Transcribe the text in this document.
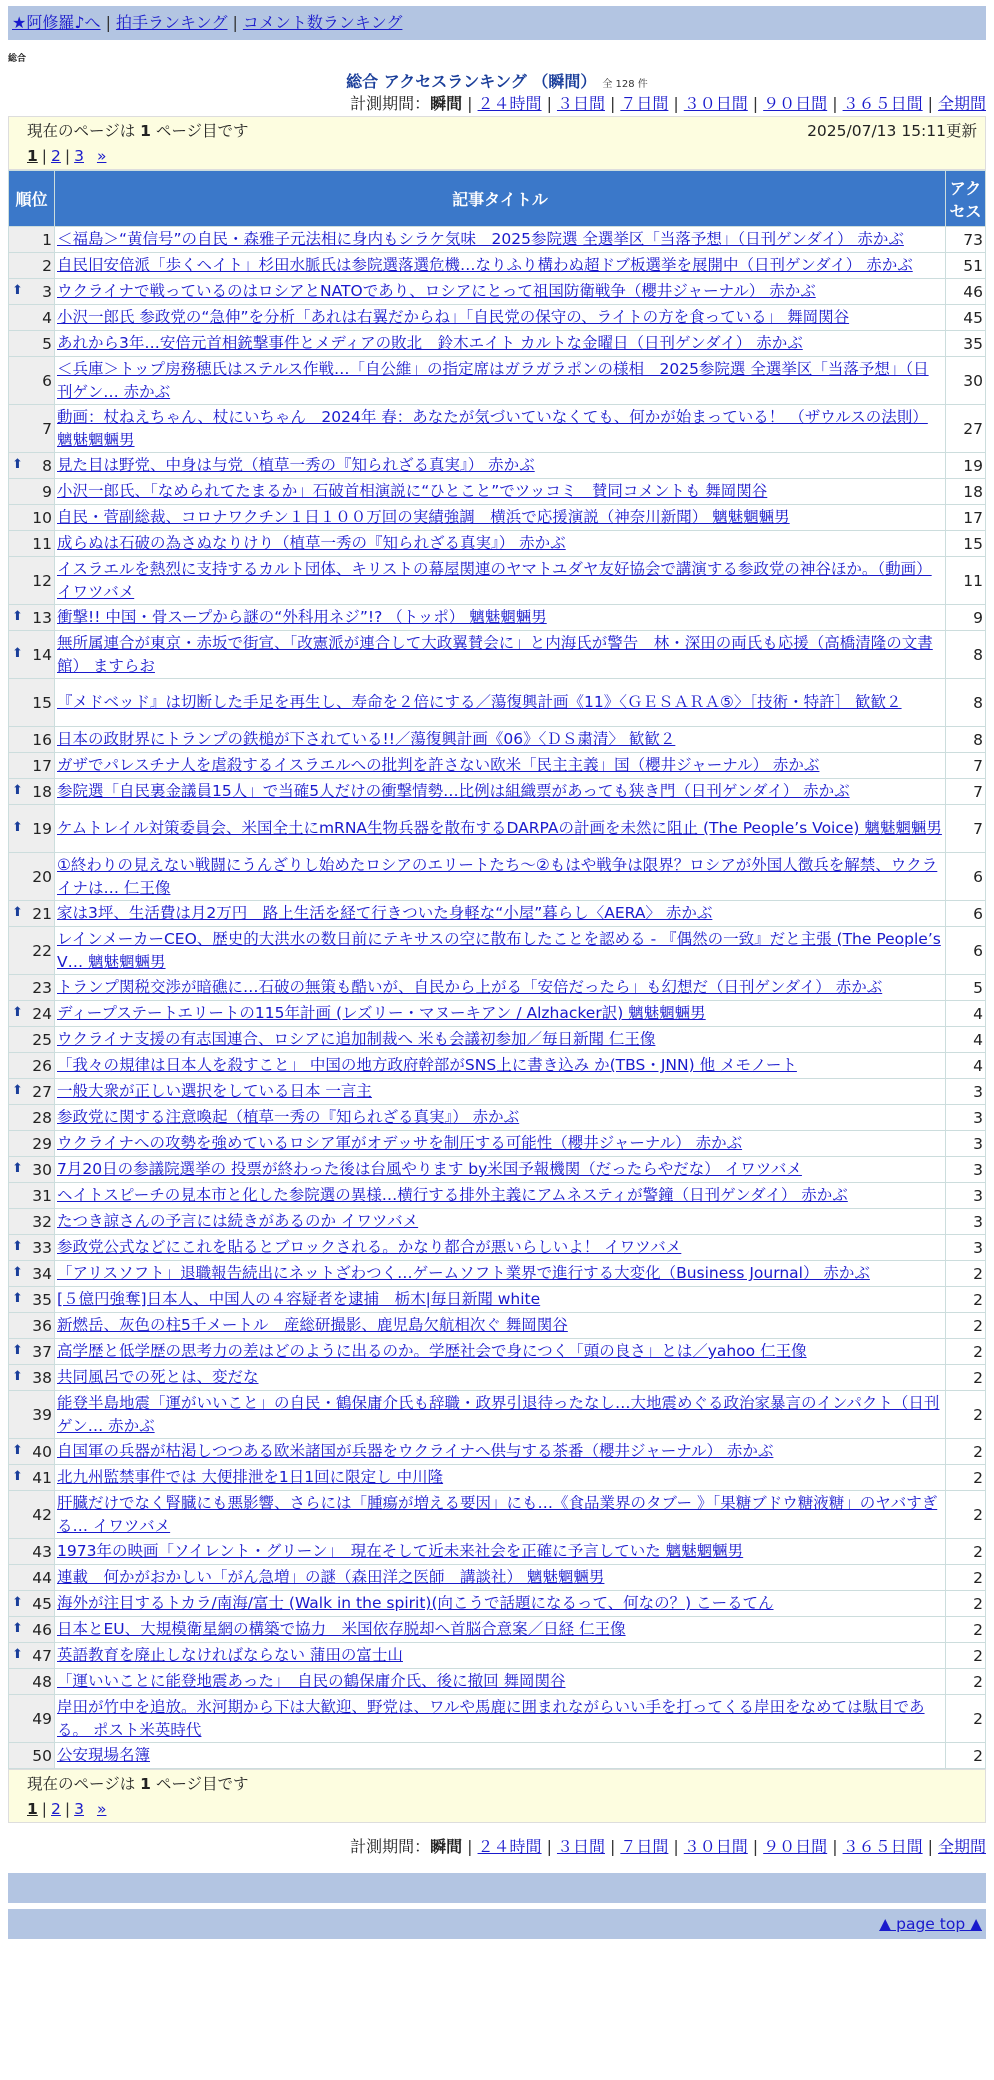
★阿修羅♪へ | 拍手ランキング | コメント数ランキング
総合
総合 アクセスランキング （瞬間） 全 128 件
計測期間：瞬間 | ２４時間 | ３日間 | ７日間 | ３０日間 | ９０日間 | ３６５日間 | 全期間
現在のページは 1 ページ目です	2025/07/13 15:11更新
1 | 2 | 3 »
順位	記事タイトル	アクセス
1	＜福島＞“黄信号”の自民・森雅子元法相に身内もシラケ気味　2025参院選 全選挙区「当落予想」（日刊ゲンダイ） 赤かぶ	73
2	自民旧安倍派「歩くヘイト」杉田水脈氏は参院選落選危機…なりふり構わぬ超ドブ板選挙を展開中（日刊ゲンダイ） 赤かぶ	51

⬆ 3	ウクライナで戦っているのはロシアとNATOであり、ロシアにとって祖国防衛戦争（櫻井ジャーナル） 赤かぶ	46
4	小沢一郎氏 参政党の“急伸”を分析「あれは右翼だからね」「自民党の保守の、ライトの方を食っている」 舞岡関谷	45
5	あれから3年…安倍元首相銃撃事件とメディアの敗北　鈴木エイト カルトな金曜日（日刊ゲンダイ） 赤かぶ	35
6	＜兵庫＞トップ房務穂氏はステルス作戦…「自公維」の指定席はガラガラポンの様相　2025参院選 全選挙区「当落予想」（日刊ゲン… 赤かぶ	30
7	動画：杖ねえちゃん、杖にいちゃん　2024年 春：あなたが気づいていなくても、何かが始まっている！ （ザウルスの法則） 魑魅魍魎男	27

⬆ 8	見た目は野党、中身は与党（植草一秀の『知られざる真実』） 赤かぶ	19
9	小沢一郎氏、「なめられてたまるか」石破首相演説に“ひとこと”でツッコミ　賛同コメントも 舞岡関谷	18
10	自民・菅副総裁、コロナワクチン１日１００万回の実績強調　横浜で応援演説（神奈川新聞） 魑魅魍魎男	17
11	成らぬは石破の為さぬなりけり（植草一秀の『知られざる真実』） 赤かぶ	15
12	イスラエルを熱烈に支持するカルト団体、キリストの幕屋関連のヤマトユダヤ友好協会で講演する参政党の神谷ほか。（動画） イワツバメ	11

⬆ 13	衝撃!! 中国・骨スープから謎の“外科用ネジ”!? （トッポ） 魑魅魍魎男	9

⬆ 14	無所属連合が東京・赤坂で街宣、「改憲派が連合して大政翼賛会に」と内海氏が警告　林・深田の両氏も応援（高橋清隆の文書館） ますらお	8
15	『メドベッド』は切断した手足を再生し、寿命を２倍にする／蕩復興計画《11》〈ＧＥＳＡＲＡ⑤〉［技術・特許］ 歓歓２	8
16	日本の政財界にトランプの鉄槌が下されている!!／蕩復興計画《06》〈ＤＳ粛清〉 歓歓２	8
17	ガザでパレスチナ人を虐殺するイスラエルへの批判を許さない欧米「民主主義」国（櫻井ジャーナル） 赤かぶ	7

⬆ 18	参院選「自民裏金議員15人」で当確5人だけの衝撃情勢…比例は組織票があっても狭き門（日刊ゲンダイ） 赤かぶ	7

⬆ 19	ケムトレイル対策委員会、米国全土にmRNA生物兵器を散布するDARPAの計画を未然に阻止 (The People’s Voice) 魑魅魍魎男	7
20	①終わりの見えない戦闘にうんざりし始めたロシアのエリートたち～②もはや戦争は限界？ロシアが外国人徴兵を解禁、ウクライナは… 仁王像	6

⬆ 21	家は3坪、生活費は月2万円　路上生活を経て行きついた身軽な“小屋”暮らし〈AERA〉 赤かぶ	6
22	レインメーカーCEO、歴史的大洪水の数日前にテキサスの空に散布したことを認める - 『偶然の一致』だと主張 (The People’s V… 魑魅魍魎男	6
23	トランプ関税交渉が暗礁に…石破の無策も酷いが、自民から上がる「安倍だったら」も幻想だ（日刊ゲンダイ） 赤かぶ	5

⬆ 24	ディープステートエリートの115年計画 (レズリー・マヌーキアン / Alzhacker訳) 魑魅魍魎男	4
25	ウクライナ支援の有志国連合、ロシアに追加制裁へ 米も会議初参加／毎日新聞 仁王像	4
26	「我々の規律は日本人を殺すこと」 中国の地方政府幹部がSNS上に書き込み か(TBS・JNN) 他 メモノート	4

⬆ 27	一般大衆が正しい選択をしている日本 一言主	3
28	参政党に関する注意喚起（植草一秀の『知られざる真実』） 赤かぶ	3
29	ウクライナへの攻勢を強めているロシア軍がオデッサを制圧する可能性（櫻井ジャーナル） 赤かぶ	3

⬆ 30	7月20日の参議院選挙の 投票が終わった後は台風やります by米国予報機関（だったらやだな） イワツバメ	3
31	ヘイトスピーチの見本市と化した参院選の異様…横行する排外主義にアムネスティが警鐘（日刊ゲンダイ） 赤かぶ	3
32	たつき諒さんの予言には続きがあるのか イワツバメ	3

⬆ 33	参政党公式などにこれを貼るとブロックされる。かなり都合が悪いらしいよ！ イワツバメ	3

⬆ 34	「アリスソフト」退職報告続出にネットざわつく…ゲームソフト業界で進行する大変化（Business Journal） 赤かぶ	2

⬆ 35	[５億円強奪]日本人、中国人の４容疑者を逮捕　栃木|毎日新聞 white	2
36	新燃岳、灰色の柱5千メートル　産総研撮影、鹿児島欠航相次ぐ 舞岡関谷	2

⬆ 37	高学歴と低学歴の思考力の差はどのように出るのか。学歴社会で身につく「頭の良さ」とは／yahoo 仁王像	2

⬆ 38	共同風呂での死とは、変だな	2
39	能登半島地震「運がいいこと」の自民・鶴保庸介氏も辞職・政界引退待ったなし…大地震めぐる政治家暴言のインパクト（日刊ゲン… 赤かぶ	2

⬆ 40	自国軍の兵器が枯渇しつつある欧米諸国が兵器をウクライナへ供与する茶番（櫻井ジャーナル） 赤かぶ	2

⬆ 41	北九州監禁事件では 大便排泄を1日1回に限定し 中川隆	2
42	肝臓だけでなく腎臓にも悪影響、さらには「腫瘍が増える要因」にも…《食品業界のタブー 》「果糖ブドウ糖液糖」のヤバすぎる… イワツバメ	2
43	1973年の映画「ソイレント・グリーン」　現在そして近未来社会を正確に予言していた 魑魅魍魎男	2
44	連載　何かがおかしい「がん急増」の謎（森田洋之医師　講談社） 魑魅魍魎男	2

⬆ 45	海外が注目するトカラ/南海/富士 (Walk in the spirit)(向こうで話題になるって、何なの？) こーるてん	2

⬆ 46	日本とEU、大規模衛星網の構築で協力　米国依存脱却へ首脳合意案／日経 仁王像	2

⬆ 47	英語教育を廃止しなければならない 蒲田の富士山	2
48	「運いいことに能登地震あった」　自民の鶴保庸介氏、後に撤回 舞岡関谷	2
49	岸田が竹中を追放。氷河期から下は大歓迎、野党は、ワルや馬鹿に囲まれながらいい手を打ってくる岸田をなめては駄目である。 ポスト米英時代	2
50	公安現場名簿	2
現在のページは 1 ページ目です
1 | 2 | 3 »
計測期間：瞬間 | ２４時間 | ３日間 | ７日間 | ３０日間 | ９０日間 | ３６５日間 | 全期間
▲ page top ▲
